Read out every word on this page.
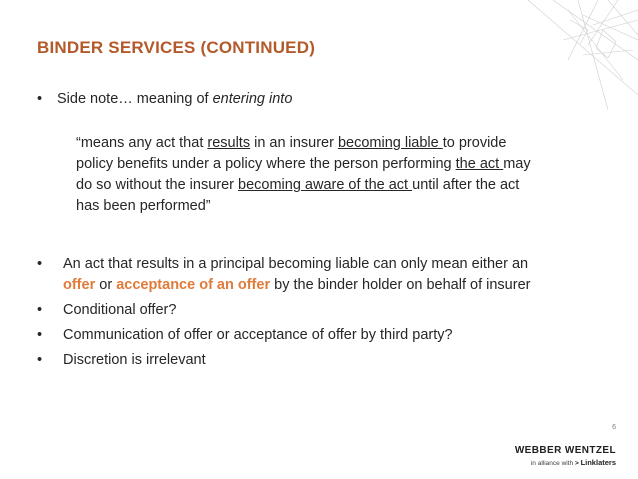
BINDER SERVICES (CONTINUED)
• Side note… meaning of entering into
“means any act that results in an insurer becoming liable to provide
policy benefits under a policy where the person performing the act may
do so without the insurer becoming aware of the act until after the act
has been performed”
• An act that results in a principal becoming liable can only mean either an
offer or acceptance of an offer by the binder holder on behalf of insurer
• Conditional offer?
• Communication of offer or acceptance of offer by third party?
• Discretion is irrelevant
6
WEBBER WENTZEL
in alliance with > Linklaters
